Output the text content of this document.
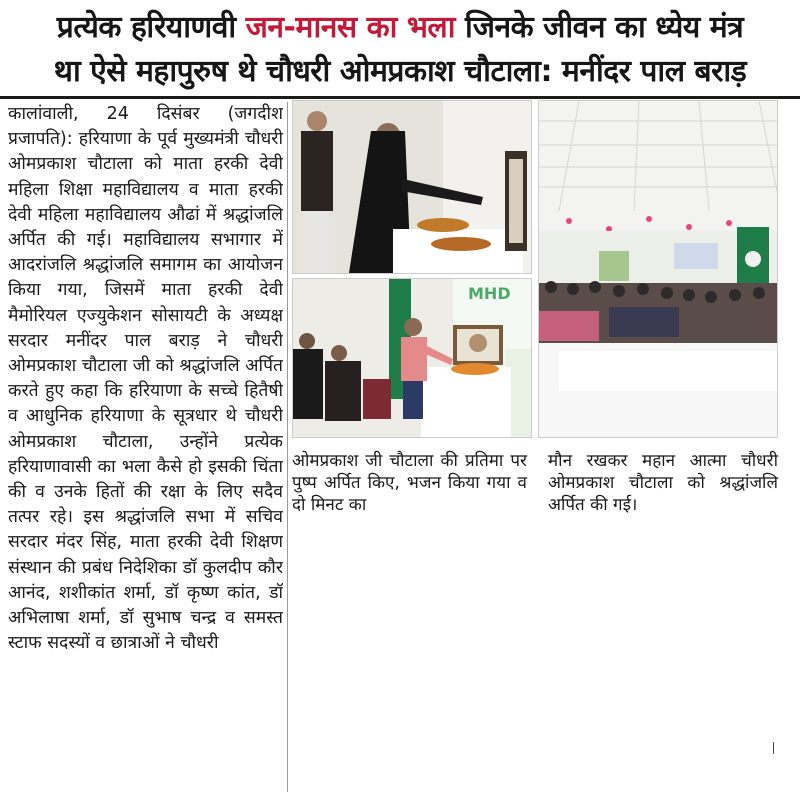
प्रत्येक हरियाणवी जन-मानस का भला जिनके जीवन का ध्येय मंत्र
था ऐसे महापुरुष थे चौधरी ओमप्रकाश चौटाला: मनींदर पाल बराड़
कालांवाली, 24 दिसंबर (जगदीश प्रजापति): हरियाणा के पूर्व मुख्यमंत्री चौधरी ओमप्रकाश चौटाला को माता हरकी देवी महिला शिक्षा महाविद्यालय व माता हरकी देवी महिला महाविद्यालय औढां में श्रद्धांजलि अर्पित की गई। महाविद्यालय सभागार में आदरांजलि श्रद्धांजलि समागम का आयोजन किया गया, जिसमें माता हरकी देवी मैमोरियल एज्युकेशन सोसायटी के अध्यक्ष सरदार मनींदर पाल बराड़ ने चौधरी ओमप्रकाश चौटाला जी को श्रद्धांजलि अर्पित करते हुए कहा कि हरियाणा के सच्चे हितैषी व आधुनिक हरियाणा के सूत्रधार थे चौधरी ओमप्रकाश चौटाला, उन्होंने प्रत्येक हरियाणावासी का भला कैसे हो इसकी चिंता की व उनके हितों की रक्षा के लिए सदैव तत्पर रहे। इस श्रद्धांजलि सभा में सचिव सरदार मंदर सिंह, माता हरकी देवी शिक्षण संस्थान की प्रबंध निदेशिका डॉ कुलदीप कौर आनंद, शशीकांत शर्मा, डॉ कृष्ण कांत, डॉ अभिलाषा शर्मा, डॉ सुभाष चन्द्र व समस्त स्टाफ सदस्यों व छात्राओं ने चौधरी
MHD
ओमप्रकाश जी चौटाला की प्रतिमा पर पुष्प अर्पित किए, भजन किया गया व दो मिनट का
मौन रखकर महान आत्मा चौधरी ओमप्रकाश चौटाला को श्रद्धांजलि अर्पित की गई।
